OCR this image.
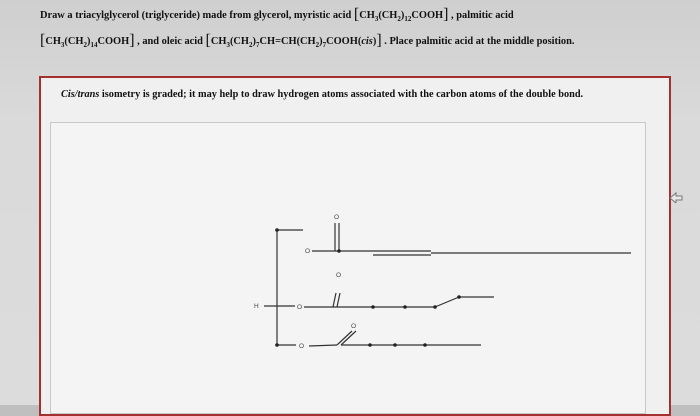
Draw a triacylglycerol (triglyceride) made from glycerol, myristic acid $[CH_3(CH_2)_{12}COOH]$ , palmitic acid
$[CH_3(CH_2)_{14}COOH]$ , and oleic acid $[CH_3(CH_2)_7CH=CH(CH_2)_7COOH(cis)]$ . Place palmitic acid at the middle position.
Cis/trans isometry is graded; it may help to draw hydrogen atoms associated with the carbon atoms of the double bond.
O
O
O
O
O
O
H
